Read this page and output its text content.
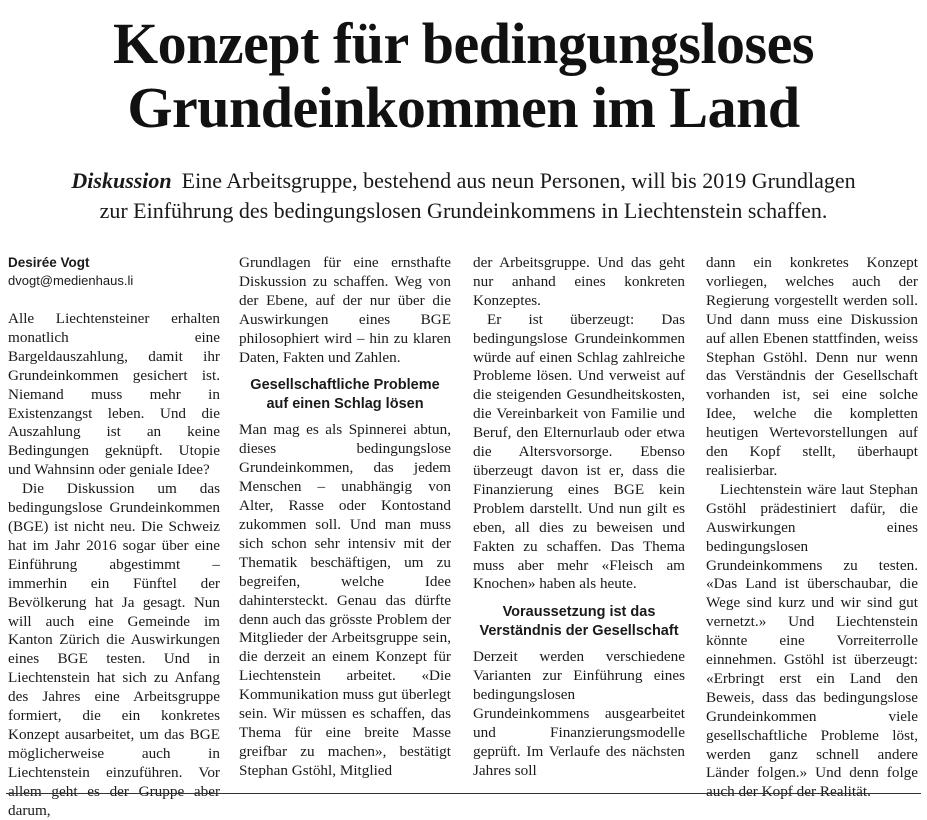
Konzept für bedingungsloses
Grundeinkommen im Land
Diskussion Eine Arbeitsgruppe, bestehend aus neun Personen, will bis 2019 Grundlagen
zur Einführung des bedingungslosen Grundeinkommens in Liechtenstein schaffen.

Desirée Vogt

dvogt@medienhaus.li

Alle Liechtensteiner erhalten monatlich eine Bargeldauszahlung, damit ihr Grundeinkommen gesichert ist. Niemand muss mehr in Existenzangst leben. Und die Auszahlung ist an keine Bedingungen geknüpft. Utopie und Wahnsinn oder geniale Idee?

Die Diskussion um das bedingungslose Grundeinkommen (BGE) ist nicht neu. Die Schweiz hat im Jahr 2016 sogar über eine Einführung abgestimmt – immerhin ein Fünftel der Bevölkerung hat Ja gesagt. Nun will auch eine Gemeinde im Kanton Zürich die Auswirkungen eines BGE testen. Und in Liechtenstein hat sich zu Anfang des Jahres eine Arbeitsgruppe formiert, die ein konkretes Konzept ausarbeitet, um das BGE möglicherweise auch in Liechtenstein einzuführen. Vor allem geht es der Gruppe aber darum,

Grundlagen für eine ernsthafte Diskussion zu schaffen. Weg von der Ebene, auf der nur über die Auswirkungen eines BGE philosophiert wird – hin zu klaren Daten, Fakten und Zahlen.

Gesellschaftliche Probleme auf einen Schlag lösen

Man mag es als Spinnerei abtun, dieses bedingungslose Grundeinkommen, das jedem Menschen – unabhängig von Alter, Rasse oder Kontostand zukommen soll. Und man muss sich schon sehr intensiv mit der Thematik beschäftigen, um zu begreifen, welche Idee dahintersteckt. Genau das dürfte denn auch das grösste Problem der Mitglieder der Arbeitsgruppe sein, die derzeit an einem Konzept für Liechtenstein arbeitet. «Die Kommunikation muss gut überlegt sein. Wir müssen es schaffen, das Thema für eine breite Masse greifbar zu machen», bestätigt Stephan Gstöhl, Mitglied

der Arbeitsgruppe. Und das geht nur anhand eines konkreten Konzeptes.

Er ist überzeugt: Das bedingungslose Grundeinkommen würde auf einen Schlag zahlreiche Probleme lösen. Und verweist auf die steigenden Gesundheitskosten, die Vereinbarkeit von Familie und Beruf, den Elternurlaub oder etwa die Altersvorsorge. Ebenso überzeugt davon ist er, dass die Finanzierung eines BGE kein Problem darstellt. Und nun gilt es eben, all dies zu beweisen und Fakten zu schaffen. Das Thema muss aber mehr «Fleisch am Knochen» haben als heute.

Voraussetzung ist das Verständnis der Gesellschaft

Derzeit werden verschiedene Varianten zur Einführung eines bedingungslosen Grundeinkommens ausgearbeitet und Finanzierungsmodelle geprüft. Im Verlaufe des nächsten Jahres soll

dann ein konkretes Konzept vorliegen, welches auch der Regierung vorgestellt werden soll. Und dann muss eine Diskussion auf allen Ebenen stattfinden, weiss Stephan Gstöhl. Denn nur wenn das Verständnis der Gesellschaft vorhanden ist, sei eine solche Idee, welche die kompletten heutigen Wertevorstellungen auf den Kopf stellt, überhaupt realisierbar.

Liechtenstein wäre laut Stephan Gstöhl prädestiniert dafür, die Auswirkungen eines bedingungslosen Grundeinkommens zu testen. «Das Land ist überschaubar, die Wege sind kurz und wir sind gut vernetzt.» Und Liechtenstein könnte eine Vorreiterrolle einnehmen. Gstöhl ist überzeugt: «Erbringt erst ein Land den Beweis, dass das bedingungslose Grundeinkommen viele gesellschaftliche Probleme löst, werden ganz schnell andere Länder folgen.» Und denn folge auch der Kopf der Realität.
